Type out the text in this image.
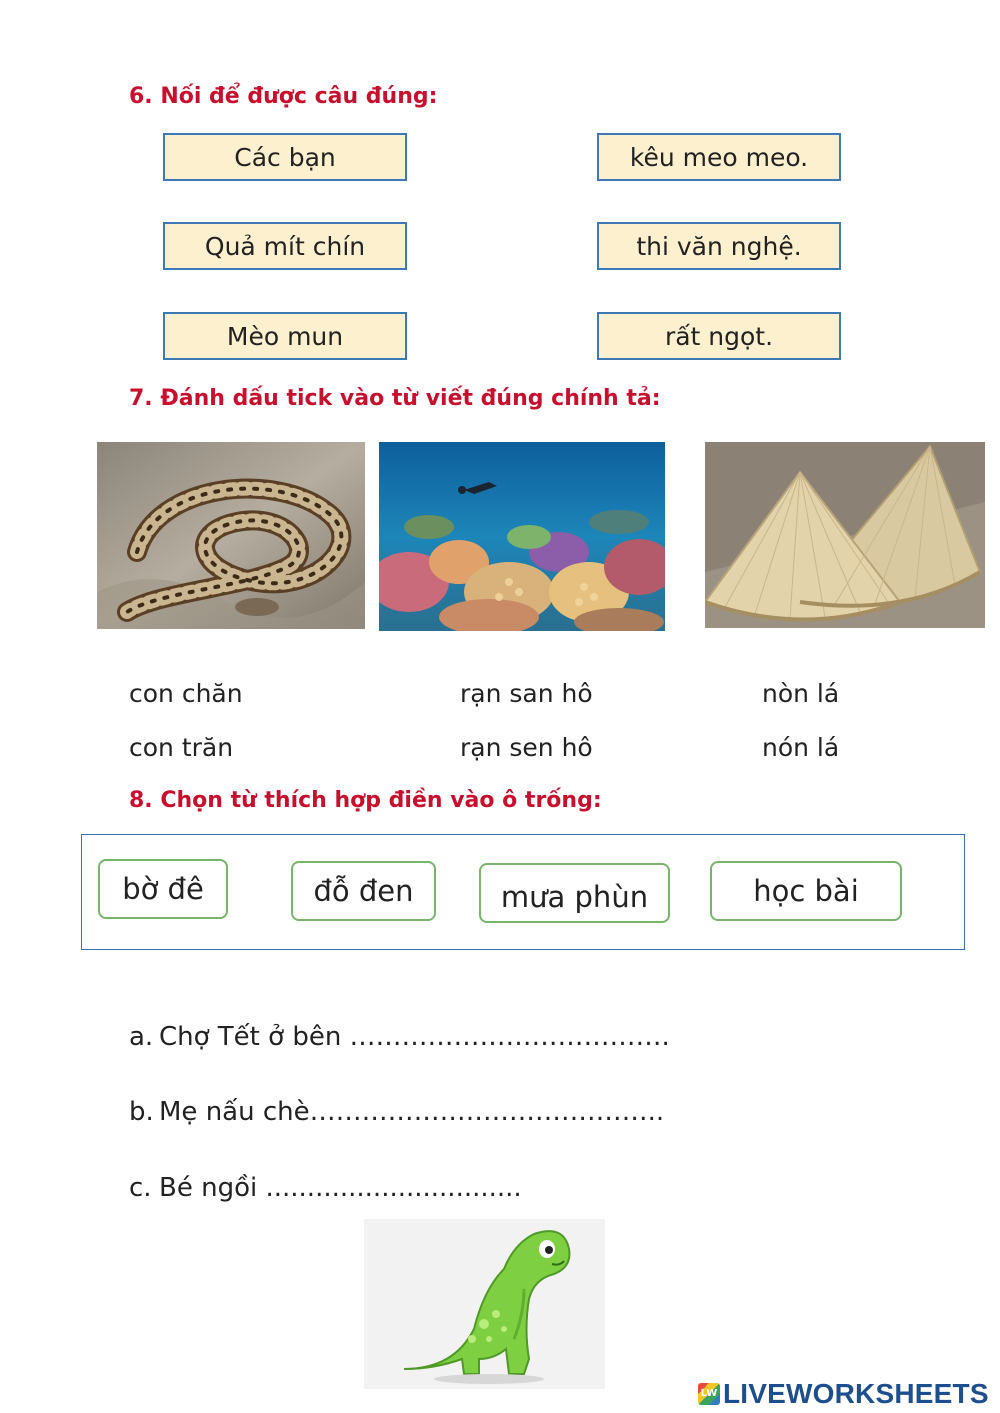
6. Nối để được câu đúng:
Các bạn
Quả mít chín
Mèo mun
kêu meo meo.
thi văn nghệ.
rất ngọt.
7. Đánh dấu tick vào từ viết đúng chính tả:
con chăn
con trăn
rạn san hô
rạn sen hô
nòn lá
nón lá
8. Chọn từ thích hợp điền vào ô trống:
bờ đê	đỗ đen	mưa phùn	học bài
a. Chợ Tết ở bên ……………………………….
b. Mẹ nấu chè…………………………………..
c. Bé ngồi ...............................
LW LIVEWORKSHEETS
